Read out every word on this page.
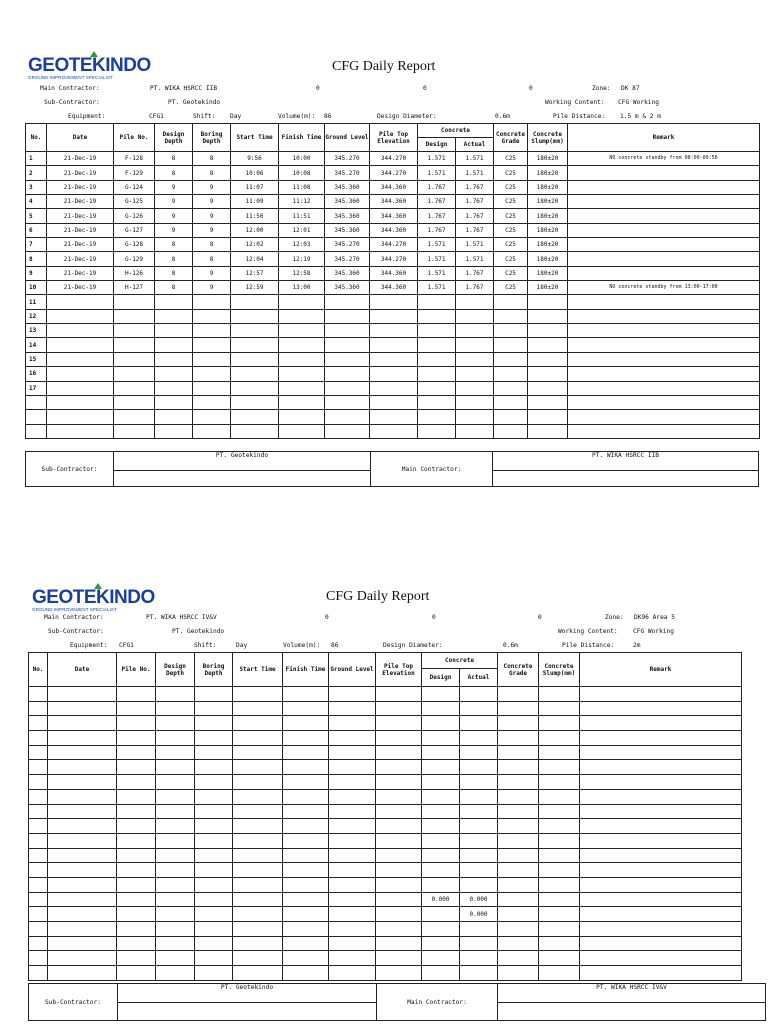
GEOTEKINDO
GROUND IMPROVEMENT SPECIALIST
CFG Daily Report
Main Contractor:	PT. WIKA HSRCC IIB	0	0	0	Zone: DK 87
Sub-Contractor:	PT. Geotekindo	Working Content: CFG Working
Equipment:	CFG1	Shift: Day	Volume(m): 86	Design Diameter:	0.6m	Pile Distance: 1.5 m & 2 m
No.	Date	Pile No.	Design Depth	Boring Depth	Start Time	Finish Time	Ground Level	Pile Top Elevation	Concrete		Concrete Grade	Concrete Slump(mm)	Remark
									Design	Actual			
1	21-Dec-19	F-128	8	8	9:56	10:00	345.270	344.270	1.571	1.571	C25	180±20	NO concrete standby from 08:00-09:56
2	21-Dec-19	F-129	8	8	10:06	10:08	345.270	344.270	1.571	1.571	C25	180±20	
3	21-Dec-19	G-124	9	9	11:07	11:08	345.360	344.360	1.767	1.767	C25	180±20	
4	21-Dec-19	G-125	9	9	11:09	11:12	345.360	344.360	1.767	1.767	C25	180±20	
5	21-Dec-19	G-126	9	9	11:50	11:51	345.360	344.360	1.767	1.767	C25	180±20	
6	21-Dec-19	G-127	9	9	12:00	12:01	345.360	344.360	1.767	1.767	C25	180±20	
7	21-Dec-19	G-128	8	8	12:02	12:03	345.270	344.270	1.571	1.571	C25	180±20	
8	21-Dec-19	G-129	8	8	12:04	12:19	345.270	344.270	1.571	1.571	C25	180±20	
9	21-Dec-19	H-126	8	9	12:57	12:58	345.360	344.360	1.571	1.767	C25	180±20	
10	21-Dec-19	H-127	8	9	12:59	13:00	345.360	344.360	1.571	1.767	C25	180±20	NO concrete standby from 13:00-17:00
11													
12													
13													
14													
15													
16													
17													

Sub-Contractor:	PT. Geotekindo	Main Contractor:	PT. WIKA HSRCC IIB

GEOTEKINDO
GROUND IMPROVEMENT SPECIALIST
CFG Daily Report
Main Contractor:	PT. WIKA HSRCC IV&V	0	0	0	Zone: DK96 Area 5
Sub-Contractor:	PT. Geotekindo	Working Content: CFG Working
Equipment: CFG1	Shift:	Day	Volume(m): 86	Design Diameter:	0.6m	Pile Distance:	2m
No.	Date	Pile No.	Design Depth	Boring Depth	Start Time	Finish Time	Ground Level	Pile Top Elevation	Concrete		Concrete Grade	Concrete Slump(mm)	Remark
									Design	Actual			

									0.000	0.000			
										0.000			

Sub-Contractor:	PT. Geotekindo	Main Contractor:	PT. WIKA HSRCC IV&V
